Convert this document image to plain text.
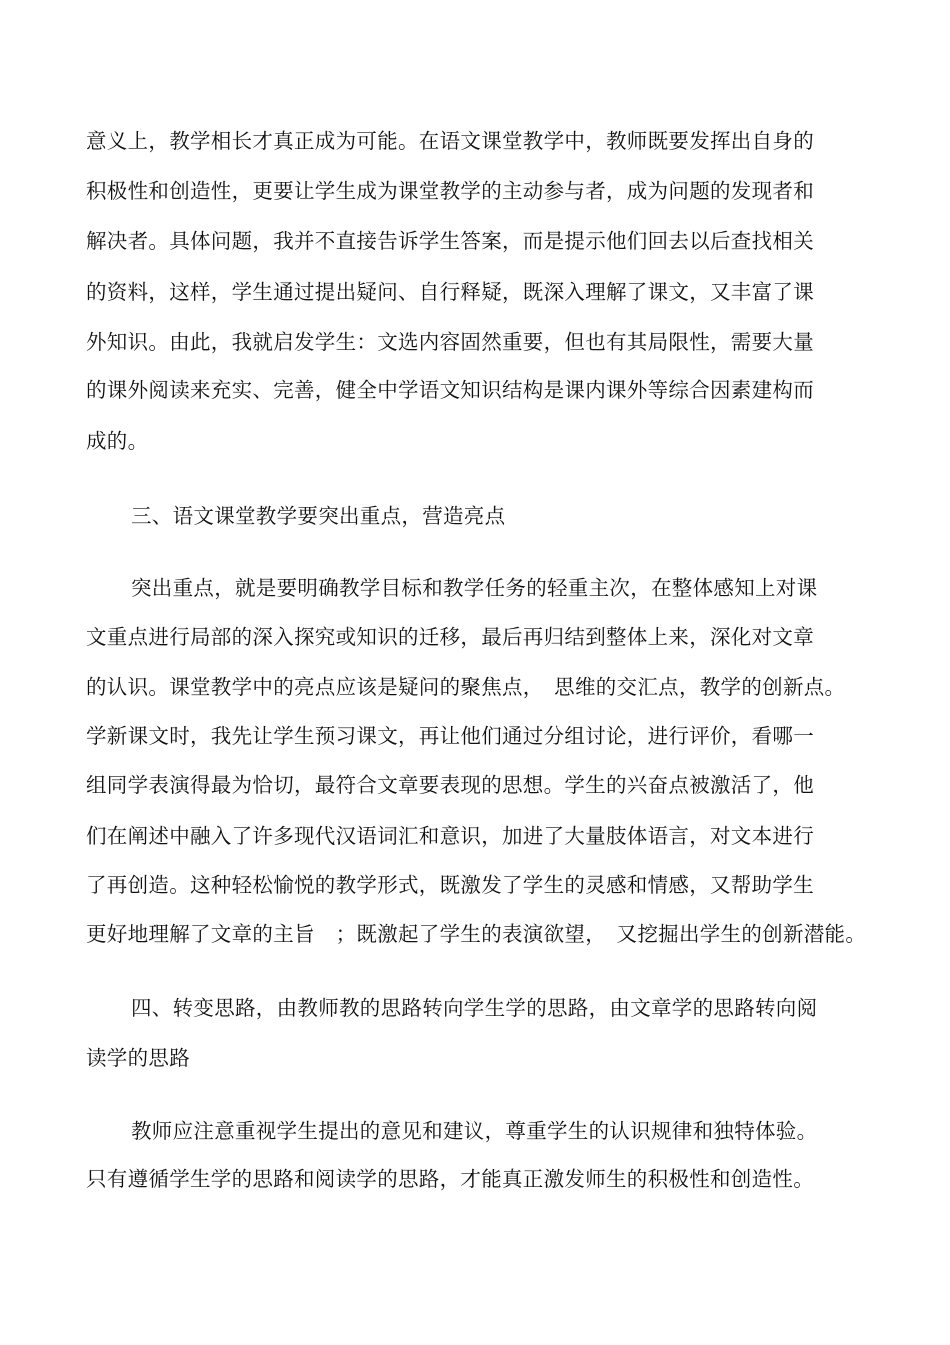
意义上，教学相长才真正成为可能。在语文课堂教学中，教师既要发挥出自身的
积极性和创造性，更要让学生成为课堂教学的主动参与者，成为问题的发现者和
解决者。具体问题，我并不直接告诉学生答案，而是提示他们回去以后查找相关
的资料，这样，学生通过提出疑问、自行释疑，既深入理解了课文，又丰富了课
外知识。由此，我就启发学生：文选内容固然重要，但也有其局限性，需要大量
的课外阅读来充实、完善，健全中学语文知识结构是课内课外等综合因素建构而
成的。
三、语文课堂教学要突出重点，营造亮点
突出重点，就是要明确教学目标和教学任务的轻重主次，在整体感知上对课
文重点进行局部的深入探究或知识的迁移，最后再归结到整体上来，深化对文章
的认识。课堂教学中的亮点应该是疑问的聚焦点，　思维的交汇点，教学的创新点。
学新课文时，我先让学生预习课文，再让他们通过分组讨论，进行评价，看哪一
组同学表演得最为恰切，最符合文章要表现的思想。学生的兴奋点被激活了，他
们在阐述中融入了许多现代汉语词汇和意识，加进了大量肢体语言，对文本进行
了再创造。这种轻松愉悦的教学形式，既激发了学生的灵感和情感，又帮助学生
更好地理解了文章的主旨　；既激起了学生的表演欲望，　又挖掘出学生的创新潜能。
四、转变思路，由教师教的思路转向学生学的思路，由文章学的思路转向阅
读学的思路
教师应注意重视学生提出的意见和建议，尊重学生的认识规律和独特体验。
只有遵循学生学的思路和阅读学的思路，才能真正激发师生的积极性和创造性。
